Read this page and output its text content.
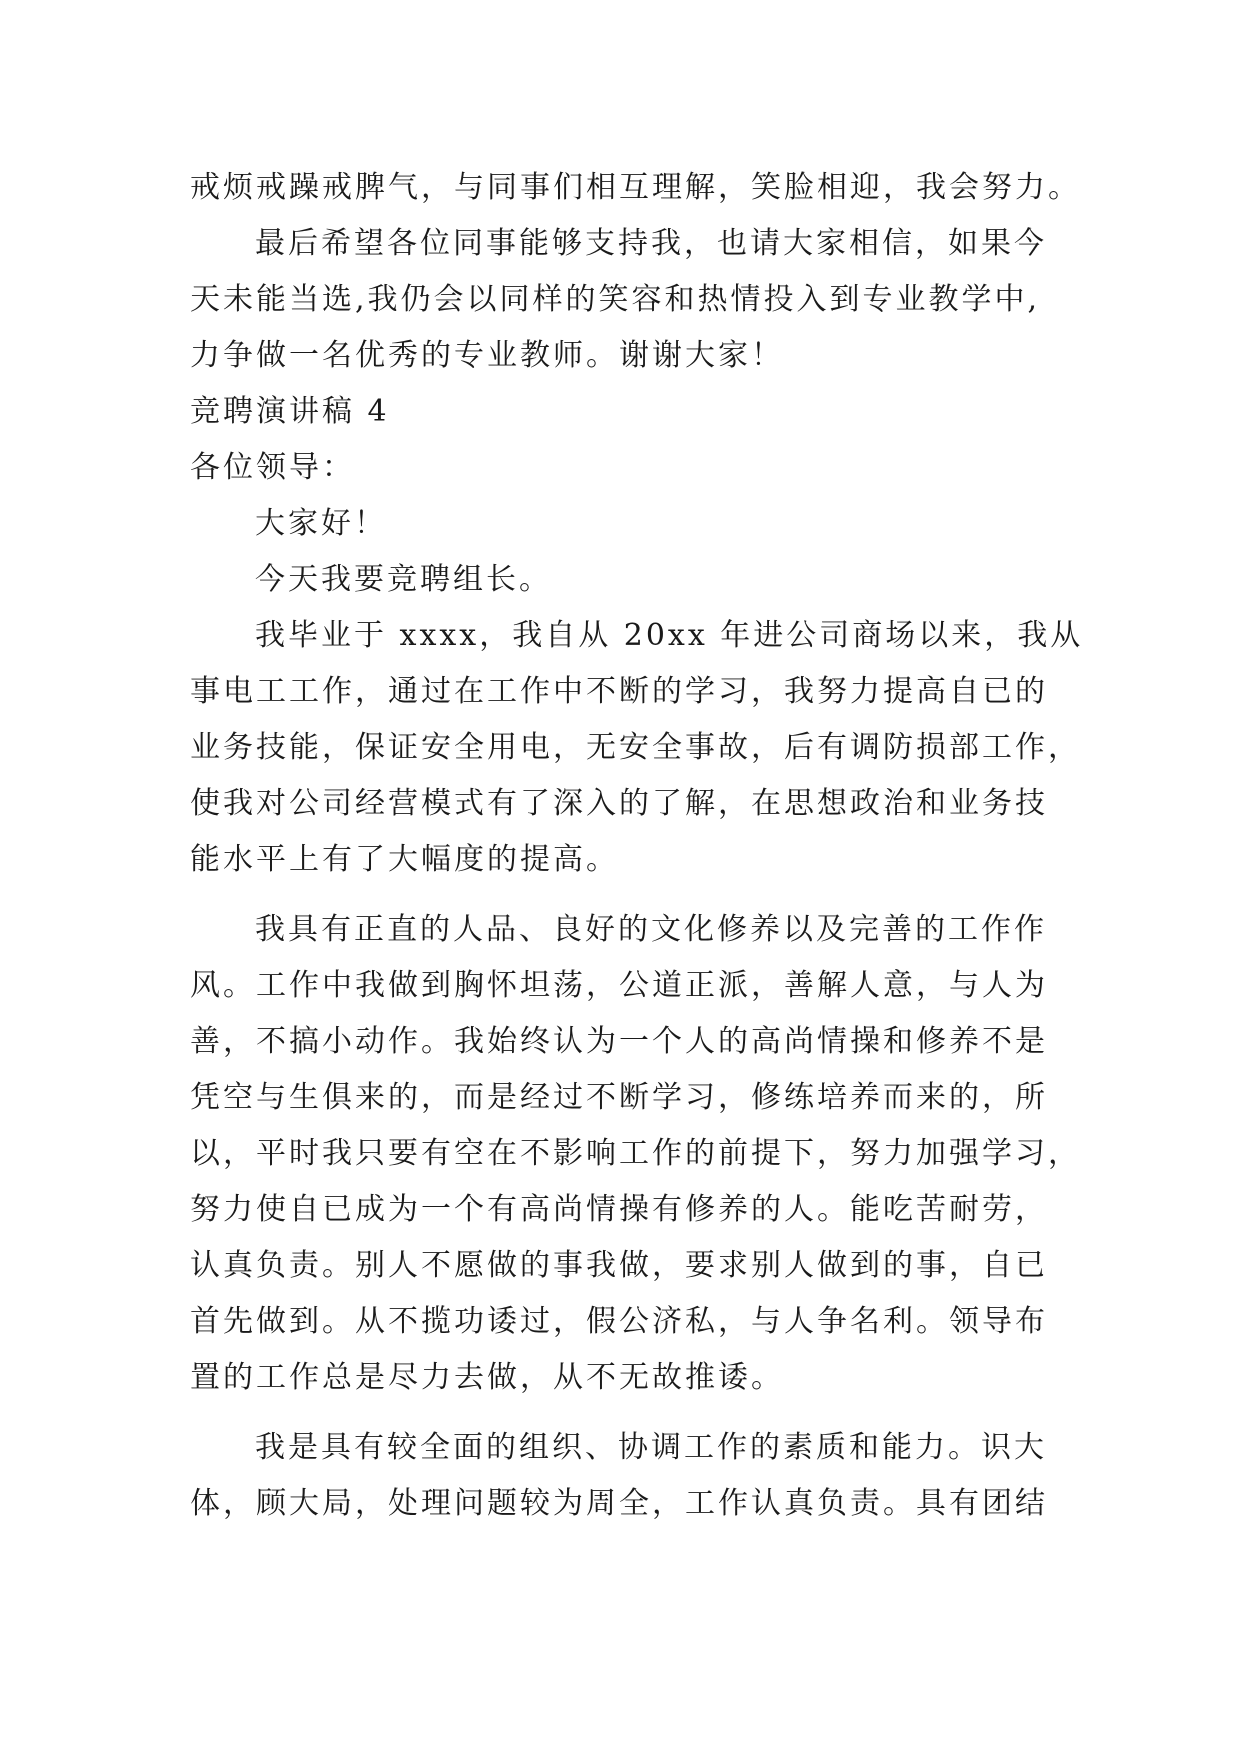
戒烦戒躁戒脾气，与同事们相互理解，笑脸相迎，我会努力。
最后希望各位同事能够支持我，也请大家相信，如果今
天未能当选,我仍会以同样的笑容和热情投入到专业教学中,
力争做一名优秀的专业教师。谢谢大家！
竞聘演讲稿 4
各位领导：
大家好！
今天我要竞聘组长。
我毕业于 xxxx，我自从 20xx 年进公司商场以来，我从
事电工工作，通过在工作中不断的学习，我努力提高自已的
业务技能，保证安全用电，无安全事故，后有调防损部工作，
使我对公司经营模式有了深入的了解，在思想政治和业务技
能水平上有了大幅度的提高。
我具有正直的人品、良好的文化修养以及完善的工作作
风。工作中我做到胸怀坦荡，公道正派，善解人意，与人为
善，不搞小动作。我始终认为一个人的高尚情操和修养不是
凭空与生俱来的，而是经过不断学习，修练培养而来的，所
以，平时我只要有空在不影响工作的前提下，努力加强学习，
努力使自已成为一个有高尚情操有修养的人。能吃苦耐劳，
认真负责。别人不愿做的事我做，要求别人做到的事，自已
首先做到。从不揽功诿过，假公济私，与人争名利。领导布
置的工作总是尽力去做，从不无故推诿。
我是具有较全面的组织、协调工作的素质和能力。识大
体，顾大局，处理问题较为周全，工作认真负责。具有团结
